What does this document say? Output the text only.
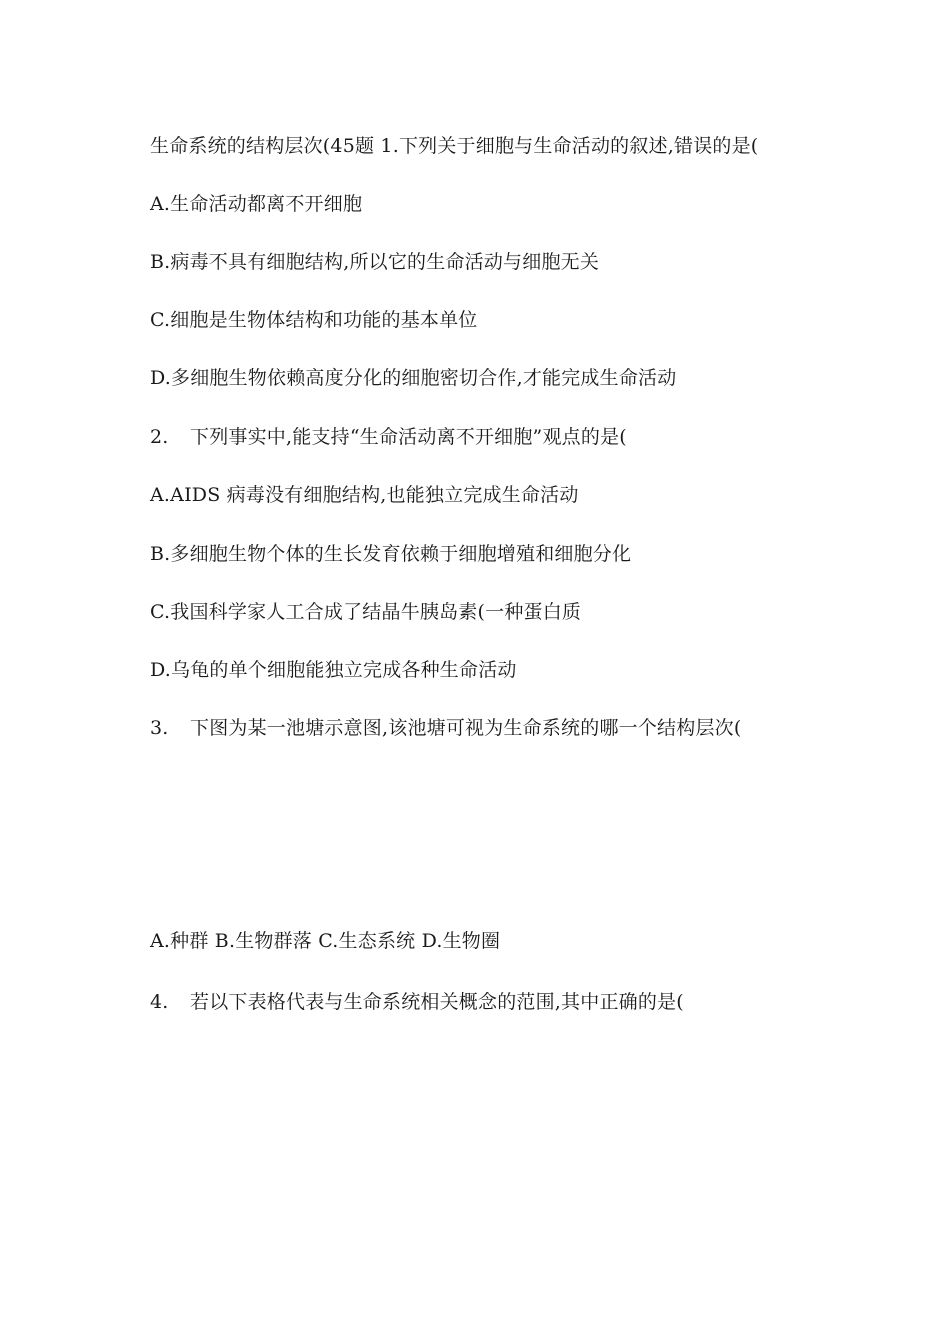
生命系统的结构层次(45题 1.下列关于细胞与生命活动的叙述,错误的是(
A.生命活动都离不开细胞
B.病毒不具有细胞结构,所以它的生命活动与细胞无关
C.细胞是生物体结构和功能的基本单位
D.多细胞生物依赖高度分化的细胞密切合作,才能完成生命活动
2. 下列事实中,能支持“生命活动离不开细胞”观点的是(
A.AIDS 病毒没有细胞结构,也能独立完成生命活动
B.多细胞生物个体的生长发育依赖于细胞增殖和细胞分化
C.我国科学家人工合成了结晶牛胰岛素(一种蛋白质
D.乌龟的单个细胞能独立完成各种生命活动
3. 下图为某一池塘示意图,该池塘可视为生命系统的哪一个结构层次(
A.种群 B.生物群落 C.生态系统 D.生物圈
4. 若以下表格代表与生命系统相关概念的范围,其中正确的是(
